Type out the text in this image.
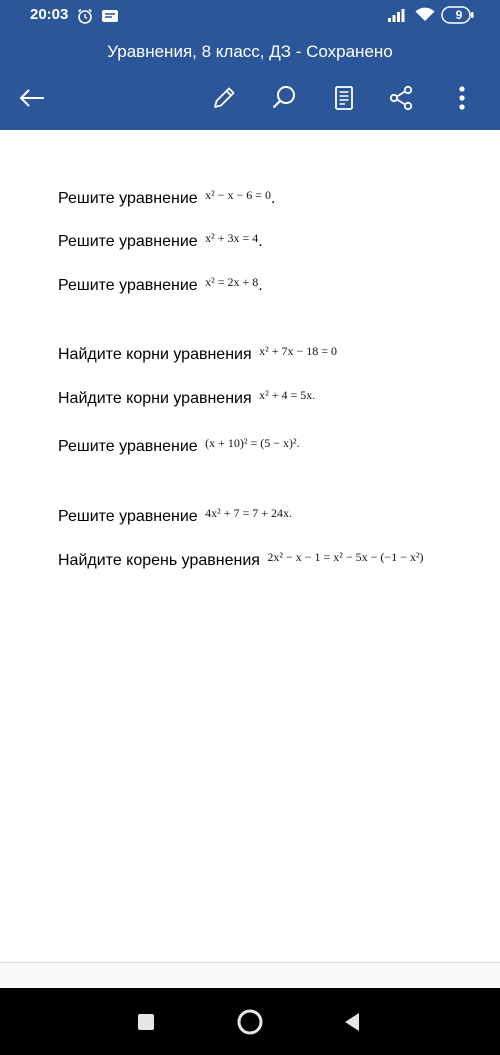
20:03	9
Уравнения, 8 класс, ДЗ - Сохранено
Решите уравнение $^{x^2 - x - 6 = 0}$.
Решите уравнение $^{x^2 + 3x = 4}$.
Решите уравнение $^{x^2 = 2x + 8}$.
Найдите корни уравнения $^{x^2 + 7x - 18 = 0}$
Найдите корни уравнения $^{x^2 + 4 = 5x.}$
Решите уравнение $^{(x + 10)^2 = (5 - x)^2.}$
Решите уравнение $^{4x^2 + 7 = 7 + 24x.}$
Найдите корень уравнения $^{2x^2 - x - 1 = x^2 - 5x - (-1 - x^2)}$
